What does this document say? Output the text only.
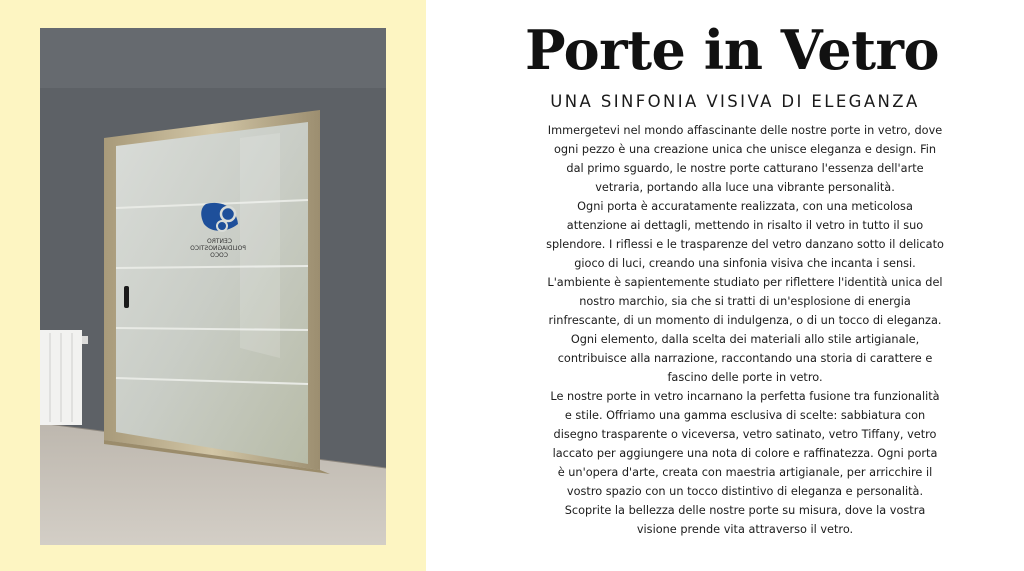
CENTRO
POLIDIAGNOSTICO
COCO
Porte in Vetro
UNA SINFONIA VISIVA DI ELEGANZA

Immergetevi nel mondo affascinante delle nostre porte in vetro, dove
ogni pezzo è una creazione unica che unisce eleganza e design. Fin
dal primo sguardo, le nostre porte catturano l'essenza dell'arte
vetraria, portando alla luce una vibrante personalità.
Ogni porta è accuratamente realizzata, con una meticolosa
attenzione ai dettagli, mettendo in risalto il vetro in tutto il suo
splendore. I riflessi e le trasparenze del vetro danzano sotto il delicato
gioco di luci, creando una sinfonia visiva che incanta i sensi.
L'ambiente è sapientemente studiato per riflettere l'identità unica del
nostro marchio, sia che si tratti di un'esplosione di energia
rinfrescante, di un momento di indulgenza, o di un tocco di eleganza.
Ogni elemento, dalla scelta dei materiali allo stile artigianale,
contribuisce alla narrazione, raccontando una storia di carattere e
fascino delle porte in vetro.
Le nostre porte in vetro incarnano la perfetta fusione tra funzionalità
e stile. Offriamo una gamma esclusiva di scelte: sabbiatura con
disegno trasparente o viceversa, vetro satinato, vetro Tiffany, vetro
laccato per aggiungere una nota di colore e raffinatezza. Ogni porta
è un'opera d'arte, creata con maestria artigianale, per arricchire il
vostro spazio con un tocco distintivo di eleganza e personalità.
Scoprite la bellezza delle nostre porte su misura, dove la vostra
visione prende vita attraverso il vetro.
